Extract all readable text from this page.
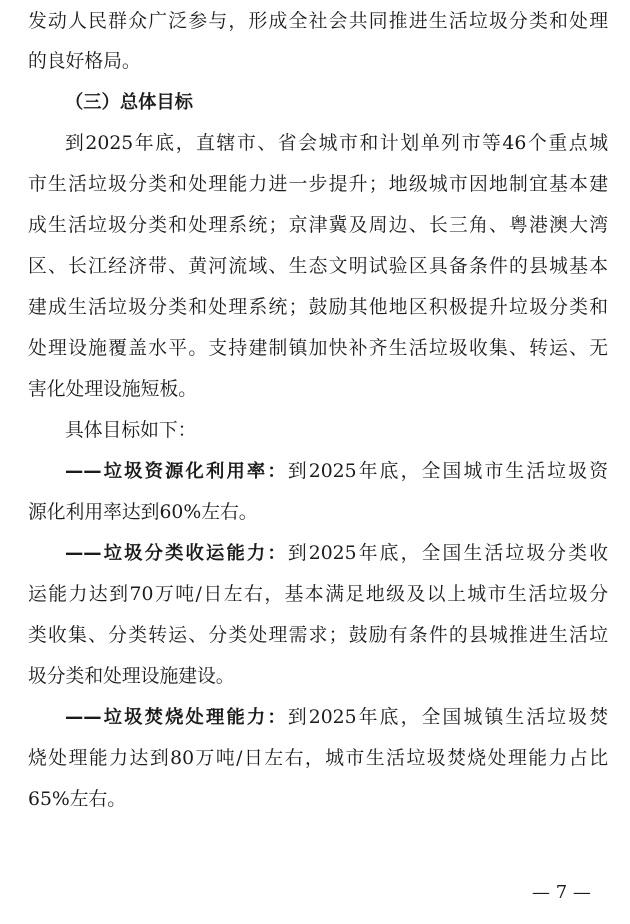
发动人民群众广泛参与，形成全社会共同推进生活垃圾分类和处理
的良好格局。
（三）总体目标
到2025年底，直辖市、省会城市和计划单列市等46个重点城
市生活垃圾分类和处理能力进一步提升；地级城市因地制宜基本建
成生活垃圾分类和处理系统；京津冀及周边、长三角、粤港澳大湾
区、长江经济带、黄河流域、生态文明试验区具备条件的县城基本
建成生活垃圾分类和处理系统；鼓励其他地区积极提升垃圾分类和
处理设施覆盖水平。支持建制镇加快补齐生活垃圾收集、转运、无
害化处理设施短板。
具体目标如下：
——垃圾资源化利用率：到2025年底，全国城市生活垃圾资
源化利用率达到60%左右。
——垃圾分类收运能力：到2025年底，全国生活垃圾分类收
运能力达到70万吨/日左右，基本满足地级及以上城市生活垃圾分
类收集、分类转运、分类处理需求；鼓励有条件的县城推进生活垃
圾分类和处理设施建设。
——垃圾焚烧处理能力：到2025年底，全国城镇生活垃圾焚
烧处理能力达到80万吨/日左右，城市生活垃圾焚烧处理能力占比
65%左右。
— 7 —
